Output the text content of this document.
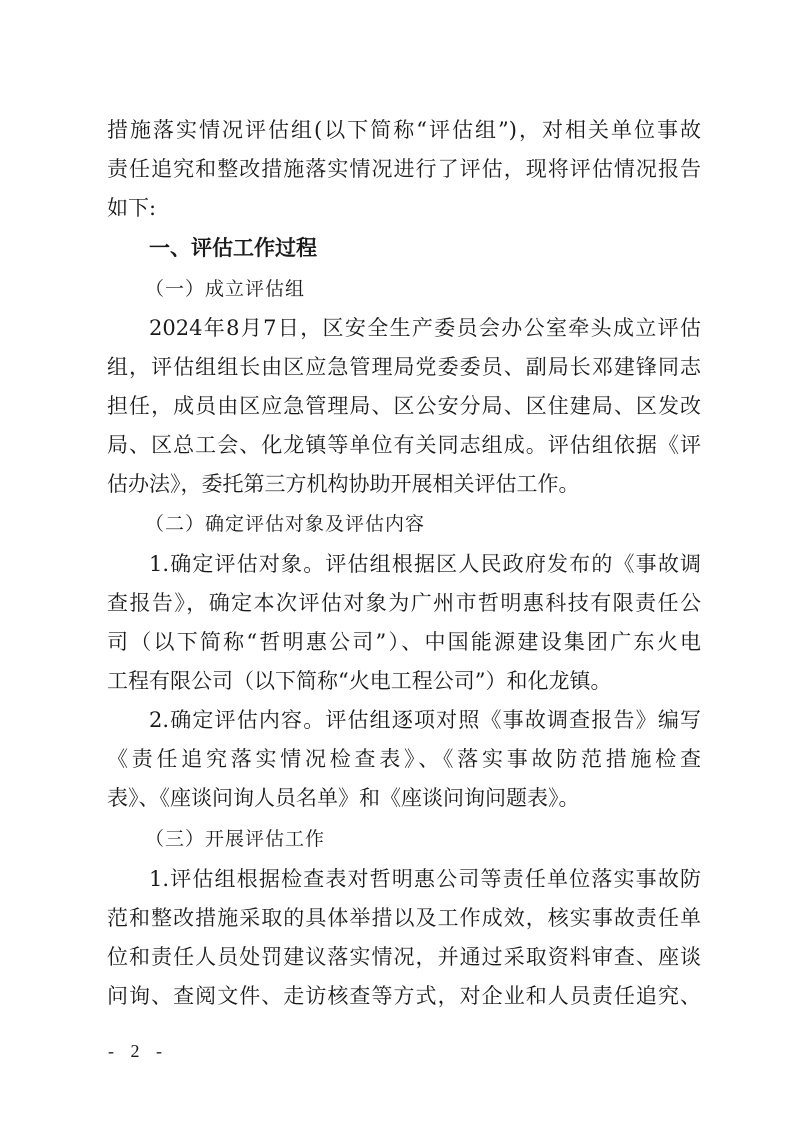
措施落实情况评估组(以下简称“评估组”)，对相关单位事故
责任追究和整改措施落实情况进行了评估，现将评估情况报告
如下:
一、评估工作过程
（一）成立评估组
2024年8月7日，区安全生产委员会办公室牵头成立评估
组，评估组组长由区应急管理局党委委员、副局长邓建锋同志
担任，成员由区应急管理局、区公安分局、区住建局、区发改
局、区总工会、化龙镇等单位有关同志组成。评估组依据《评
估办法》，委托第三方机构协助开展相关评估工作。
（二）确定评估对象及评估内容
1.确定评估对象。评估组根据区人民政府发布的《事故调
查报告》，确定本次评估对象为广州市哲明惠科技有限责任公
司（以下简称“哲明惠公司”）、中国能源建设集团广东火电
工程有限公司（以下简称“火电工程公司”）和化龙镇。
2.确定评估内容。评估组逐项对照《事故调查报告》编写
《责任追究落实情况检查表》、《落实事故防范措施检查
表》、《座谈问询人员名单》和《座谈问询问题表》。
（三）开展评估工作
1.评估组根据检查表对哲明惠公司等责任单位落实事故防
范和整改措施采取的具体举措以及工作成效，核实事故责任单
位和责任人员处罚建议落实情况，并通过采取资料审查、座谈
问询、查阅文件、走访核查等方式，对企业和人员责任追究、
- 2 -
